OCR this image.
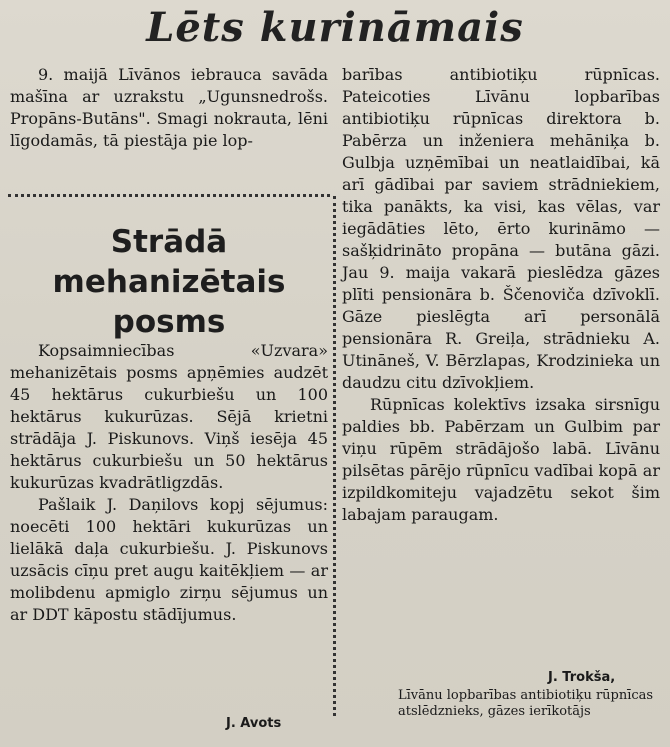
Lēts kurināmais

9. maijā Līvānos iebrauca savāda mašīna ar uzrakstu „Ugunsnedrošs. Propāns-Butāns". Smagi nokrauta, lēni līgodamās, tā piestāja pie lop-

Strādā
mehanizētais
posms

Kopsaimniecības «Uzvara» mehanizētais posms apņēmies audzēt 45 hektārus cukurbiešu un 100 hektārus kukurūzas. Sējā krietni strādāja J. Piskunovs. Viņš iesēja 45 hektārus cukurbiešu un 50 hektārus kukurūzas kvadrātligzdās.

Pašlaik J. Daņilovs kopj sējumus: noecēti 100 hektāri kukurūzas un lielākā daļa cukurbiešu. J. Piskunovs uzsācis cīņu pret augu kaitēkļiem — ar molibdenu apmiglo zirņu sējumus un ar DDT kāpostu stādījumus.

J. Avots

barības antibiotiķu rūpnīcas. Pateicoties Līvānu lopbarības antibiotiķu rūpnīcas direktora b. Pabērza un inženiera mehāniķa b. Gulbja uzņēmībai un neatlaidībai, kā arī gādībai par saviem strādniekiem, tika panākts, ka visi, kas vēlas, var iegādāties lēto, ērto kurināmo — sašķidrināto propāna — butāna gāzi. Jau 9. maija vakarā pieslēdza gāzes plīti pensionāra b. Ščenoviča dzīvoklī. Gāze pieslēgta arī personālā pensionāra R. Greiļa, strādnieku A. Utināneš, V. Bērzlapas, Krodzinieka un daudzu citu dzīvokļiem.

Rūpnīcas kolektīvs izsaka sirsnīgu paldies bb. Pabērzam un Gulbim par viņu rūpēm strādājošo labā. Līvānu pilsētas pārējo rūpnīcu vadībai kopā ar izpildkomiteju vajadzētu sekot šim labajam paraugam.

J. Trokša,
Līvānu lopbarības antibiotiķu rūpnīcas atslēdznieks, gāzes ierīkotājs
